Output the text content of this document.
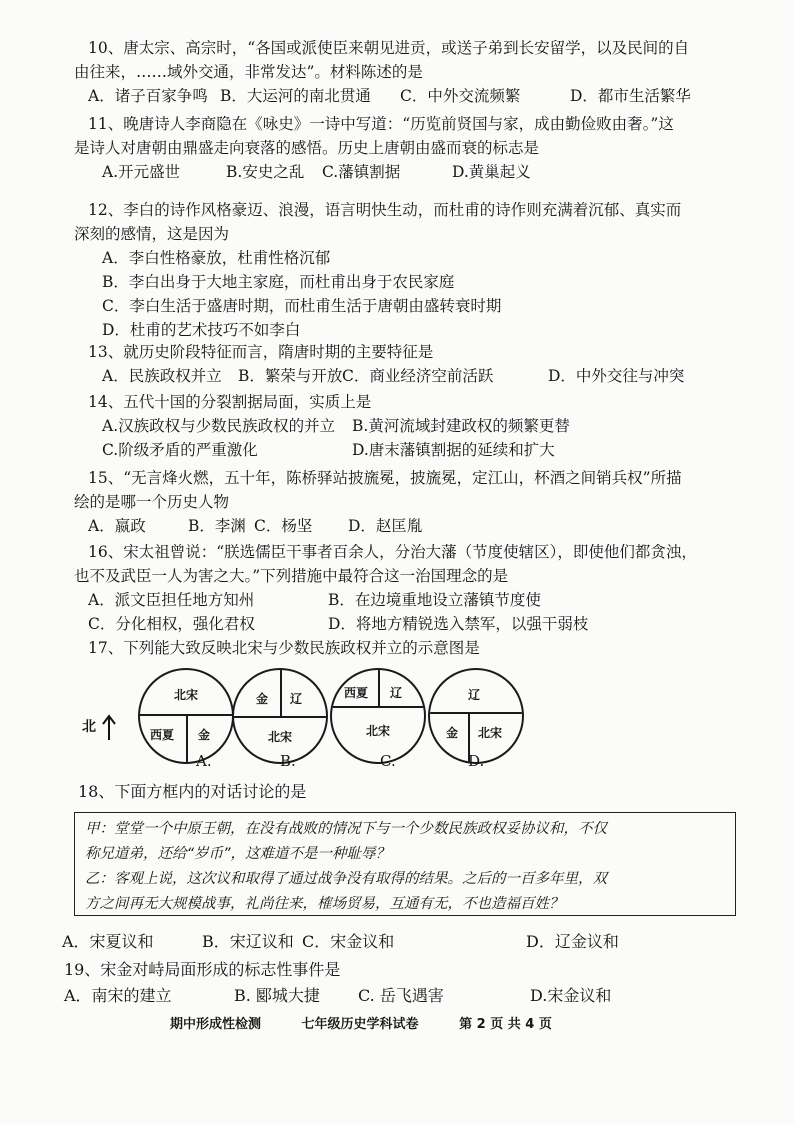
10、唐太宗、高宗时，“各国或派使臣来朝见进贡，或送子弟到长安留学，以及民间的自

由往来，……域外交通，非常发达”。材料陈述的是

A．诸子百家争鸣 B．大运河的南北贯通	C．中外交流频繁	D．都市生活繁华

11、晚唐诗人李商隐在《咏史》一诗中写道：“历览前贤国与家，成由勤俭败由奢。”这

是诗人对唐朝由鼎盛走向衰落的感悟。历史上唐朝由盛而衰的标志是

A.开元盛世	B.安史之乱	C.藩镇割据	D.黄巢起义

12、李白的诗作风格豪迈、浪漫，语言明快生动，而杜甫的诗作则充满着沉郁、真实而

深刻的感情，这是因为

A．李白性格豪放，杜甫性格沉郁

B．李白出身于大地主家庭，而杜甫出身于农民家庭

C．李白生活于盛唐时期，而杜甫生活于唐朝由盛转衰时期

D．杜甫的艺术技巧不如李白

13、就历史阶段特征而言，隋唐时期的主要特征是

A．民族政权并立	B．繁荣与开放 C．商业经济空前活跃	D．中外交往与冲突

14、五代十国的分裂割据局面，实质上是

A.汉族政权与少数民族政权的并立	B.黄河流域封建政权的频繁更替
C.阶级矛盾的严重激化	D.唐末藩镇割据的延续和扩大

15、“无言烽火燃，五十年，陈桥驿站披旒冕，披旒冕，定江山，杯酒之间销兵权”所描

绘的是哪一个历史人物

A．嬴政	B．李渊 C．杨坚	D．赵匡胤

16、宋太祖曾说：“朕选儒臣干事者百余人，分治大藩（节度使辖区），即使他们都贪浊，

也不及武臣一人为害之大。”下列措施中最符合这一治国理念的是

A．派文臣担任地方知州	B．在边境重地设立藩镇节度使
C．分化相权，强化君权	D．将地方精锐选入禁军，以强干弱枝

17、下列能大致反映北宋与少数民族政权并立的示意图是

北
北宋
西夏 金
A.
金 辽
北宋
B.
西夏 辽
北宋
C.
辽
金 北宋
D.

18、下面方框内的对话讨论的是

甲：堂堂一个中原王朝，在没有战败的情况下与一个少数民族政权妥协议和，不仅

称兄道弟，还给“岁币”，这难道不是一种耻辱？

乙：客观上说，这次议和取得了通过战争没有取得的结果。之后的一百多年里，双

方之间再无大规模战事，礼尚往来，榷场贸易，互通有无，不也造福百姓？

A．宋夏议和	B．宋辽议和 C．宋金议和	D．辽金议和

19、宋金对峙局面形成的标志性事件是

A．南宋的建立	B. 郾城大捷	C. 岳飞遇害	D.宋金议和
期中形成性检测	七年级历史学科试卷	第 2 页 共 4 页
